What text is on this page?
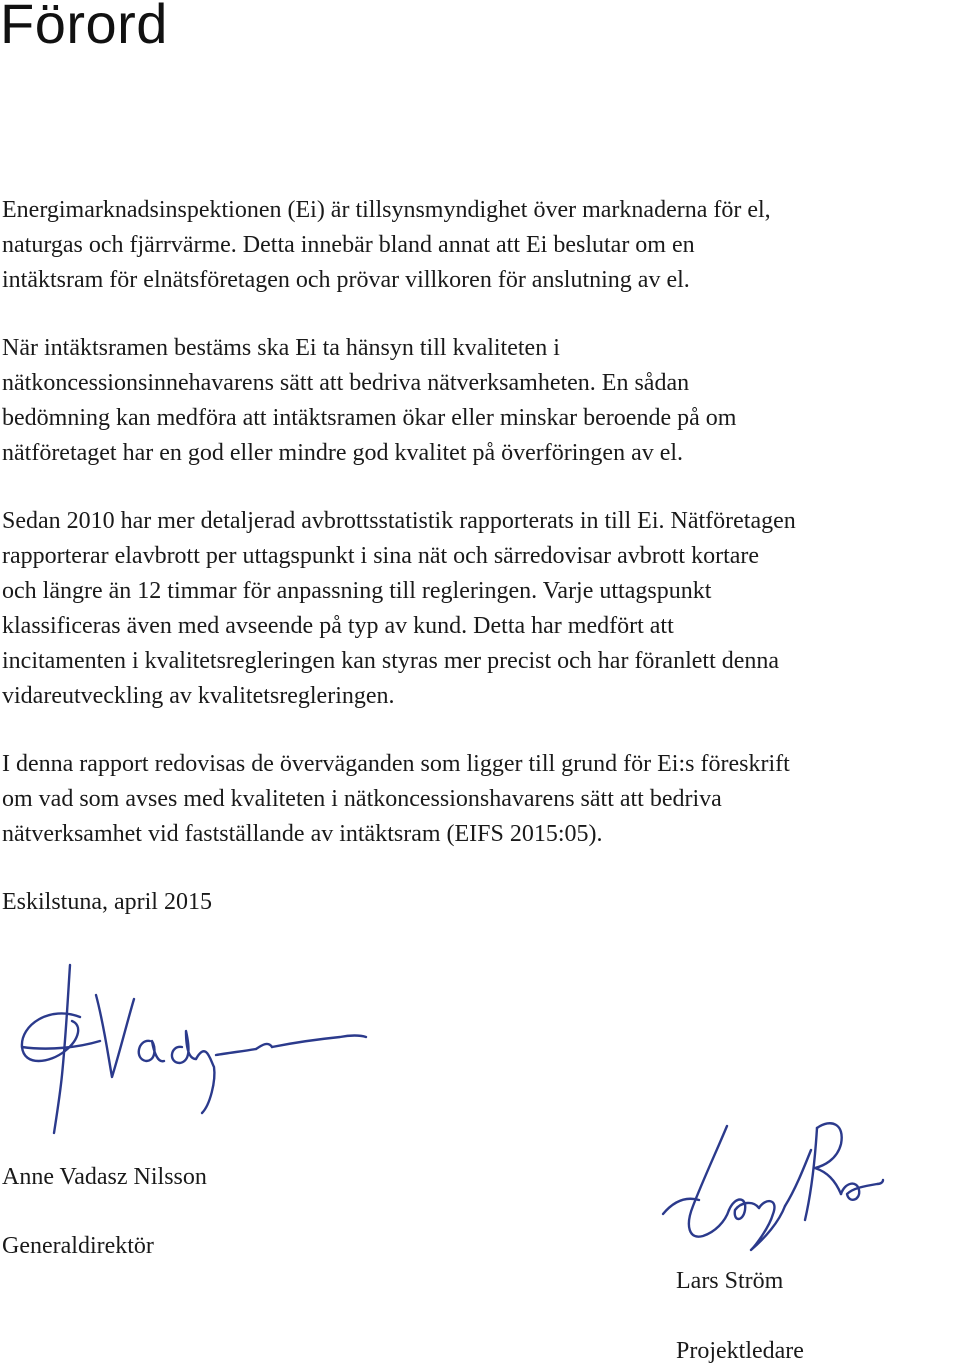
Förord

Energimarknadsinspektionen (Ei) är tillsynsmyndighet över marknaderna för el,
naturgas och fjärrvärme. Detta innebär bland annat att Ei beslutar om en
intäktsram för elnätsföretagen och prövar villkoren för anslutning av el.

När intäktsramen bestäms ska Ei ta hänsyn till kvaliteten i
nätkoncessionsinnehavarens sätt att bedriva nätverksamheten. En sådan
bedömning kan medföra att intäktsramen ökar eller minskar beroende på om
nätföretaget har en god eller mindre god kvalitet på överföringen av el.

Sedan 2010 har mer detaljerad avbrottsstatistik rapporterats in till Ei. Nätföretagen
rapporterar elavbrott per uttagspunkt i sina nät och särredovisar avbrott kortare
och längre än 12 timmar för anpassning till regleringen. Varje uttagspunkt
klassificeras även med avseende på typ av kund. Detta har medfört att
incitamenten i kvalitetsregleringen kan styras mer precist och har föranlett denna
vidareutveckling av kvalitetsregleringen.

I denna rapport redovisas de överväganden som ligger till grund för Ei:s föreskrift
om vad som avses med kvaliteten i nätkoncessionshavarens sätt att bedriva
nätverksamhet vid fastställande av intäktsram (EIFS 2015:05).

Eskilstuna, april 2015

Anne Vadasz Nilsson

Generaldirektör

Lars Ström

Projektledare
